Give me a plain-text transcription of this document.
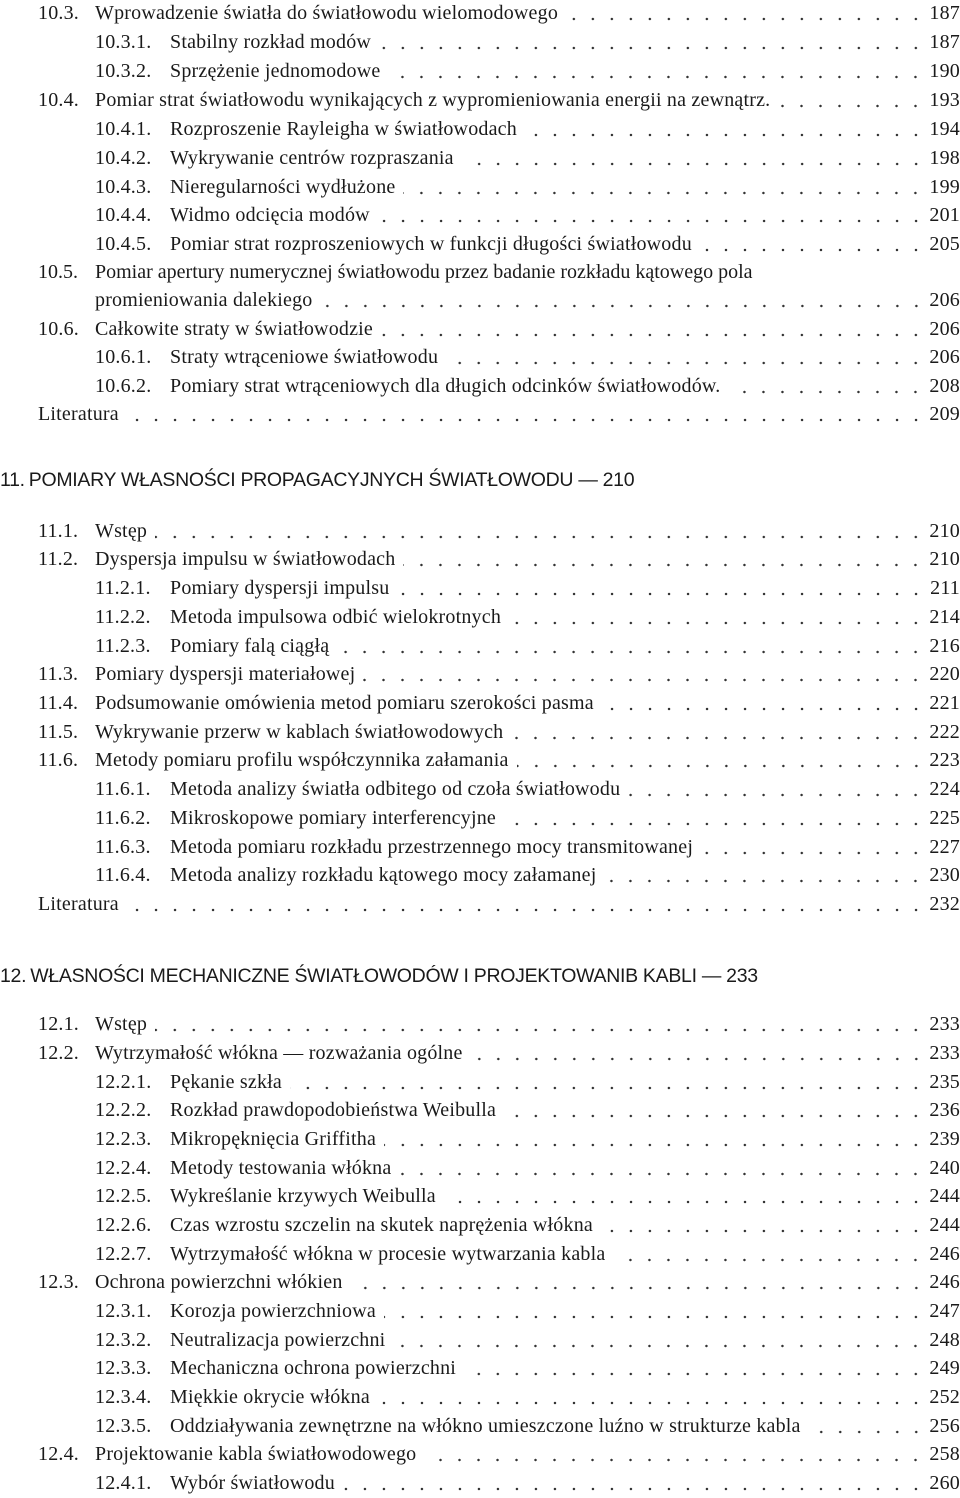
10.3. Wprowadzenie światła do światłowodu wielomodowego	187
10.3.1. Stabilny rozkład modów	187
10.3.2. Sprzężenie jednomodowe	190
10.4. Pomiar strat światłowodu wynikających z wypromieniowania energii na zewnątrz.	193
10.4.1. Rozproszenie Rayleigha w światłowodach	194
10.4.2. Wykrywanie centrów rozpraszania	198
10.4.3. Nieregularności wydłużone	199
10.4.4. Widmo odcięcia modów	201
10.4.5. Pomiar strat rozproszeniowych w funkcji długości światłowodu	205
10.5. Pomiar apertury numerycznej światłowodu przez badanie rozkładu kątowego pola
promieniowania dalekiego	206
10.6. Całkowite straty w światłowodzie	206
10.6.1. Straty wtrąceniowe światłowodu	206
10.6.2. Pomiary strat wtrąceniowych dla długich odcinków światłowodów.	208
Literatura	209
11. POMIARY WŁASNOŚCI PROPAGACYJNYCH ŚWIATŁOWODU — 210
11.1. Wstęp	210
11.2. Dyspersja impulsu w światłowodach	210
11.2.1. Pomiary dyspersji impulsu	211
11.2.2. Metoda impulsowa odbić wielokrotnych	214
11.2.3. Pomiary falą ciągłą	216
11.3. Pomiary dyspersji materiałowej	220
11.4. Podsumowanie omówienia metod pomiaru szerokości pasma	221
11.5. Wykrywanie przerw w kablach światłowodowych	222
11.6. Metody pomiaru profilu współczynnika załamania	223
11.6.1. Metoda analizy światła odbitego od czoła światłowodu	224
11.6.2. Mikroskopowe pomiary interferencyjne	225
11.6.3. Metoda pomiaru rozkładu przestrzennego mocy transmitowanej	227
11.6.4. Metoda analizy rozkładu kątowego mocy załamanej	230
Literatura	232
12. WŁASNOŚCI MECHANICZNE ŚWIATŁOWODÓW I PROJEKTOWANIB KABLI — 233
12.1. Wstęp	233
12.2. Wytrzymałość włókna — rozważania ogólne	233
12.2.1. Pękanie szkła	235
12.2.2. Rozkład prawdopodobieństwa Weibulla	236
12.2.3. Mikropęknięcia Griffitha	239
12.2.4. Metody testowania włókna	240
12.2.5. Wykreślanie krzywych Weibulla	244
12.2.6. Czas wzrostu szczelin na skutek naprężenia włókna	244
12.2.7. Wytrzymałość włókna w procesie wytwarzania kabla	246
12.3. Ochrona powierzchni włókien	246
12.3.1. Korozja powierzchniowa	247
12.3.2. Neutralizacja powierzchni	248
12.3.3. Mechaniczna ochrona powierzchni	249
12.3.4. Miękkie okrycie włókna	252
12.3.5. Oddziaływania zewnętrzne na włókno umieszczone luźno w strukturze kabla	256
12.4. Projektowanie kabla światłowodowego	258
12.4.1. Wybór światłowodu	260
